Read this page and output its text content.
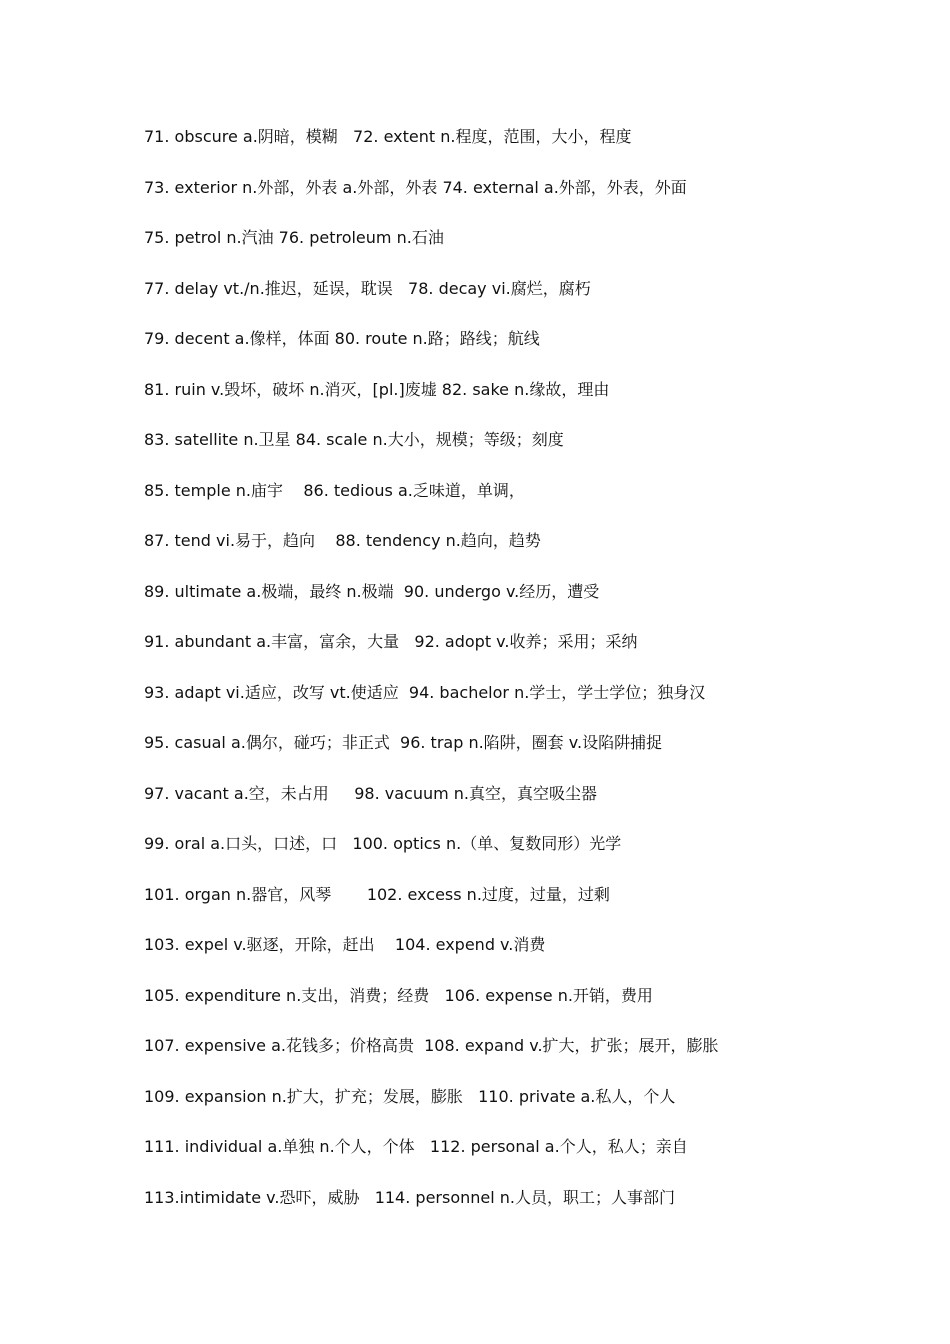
71. obscure a.阴暗，模糊   72. extent n.程度，范围，大小，程度
73. exterior n.外部，外表 a.外部，外表 74. external a.外部，外表，外面
75. petrol n.汽油 76. petroleum n.石油
77. delay vt./n.推迟，延误，耽误   78. decay vi.腐烂，腐朽
79. decent a.像样，体面 80. route n.路；路线；航线
81. ruin v.毁坏，破坏 n.消灭，[pl.]废墟 82. sake n.缘故，理由
83. satellite n.卫星 84. scale n.大小，规模；等级；刻度
85. temple n.庙宇    86. tedious a.乏味道，单调，
87. tend vi.易于，趋向    88. tendency n.趋向，趋势
89. ultimate a.极端，最终 n.极端  90. undergo v.经历，遭受
91. abundant a.丰富，富余，大量   92. adopt v.收养；采用；采纳
93. adapt vi.适应，改写 vt.使适应  94. bachelor n.学士，学士学位；独身汉
95. casual a.偶尔，碰巧；非正式  96. trap n.陷阱，圈套 v.设陷阱捕捉
97. vacant a.空，未占用     98. vacuum n.真空，真空吸尘器
99. oral a.口头，口述，口   100. optics n.（单、复数同形）光学
101. organ n.器官，风琴       102. excess n.过度，过量，过剩
103. expel v.驱逐，开除，赶出    104. expend v.消费
105. expenditure n.支出，消费；经费   106. expense n.开销，费用
107. expensive a.花钱多；价格高贵  108. expand v.扩大，扩张；展开，膨胀
109. expansion n.扩大，扩充；发展，膨胀   110. private a.私人，个人
111. individual a.单独 n.个人，个体   112. personal a.个人，私人；亲自
113.intimidate v.恐吓，威胁   114. personnel n.人员，职工；人事部门
